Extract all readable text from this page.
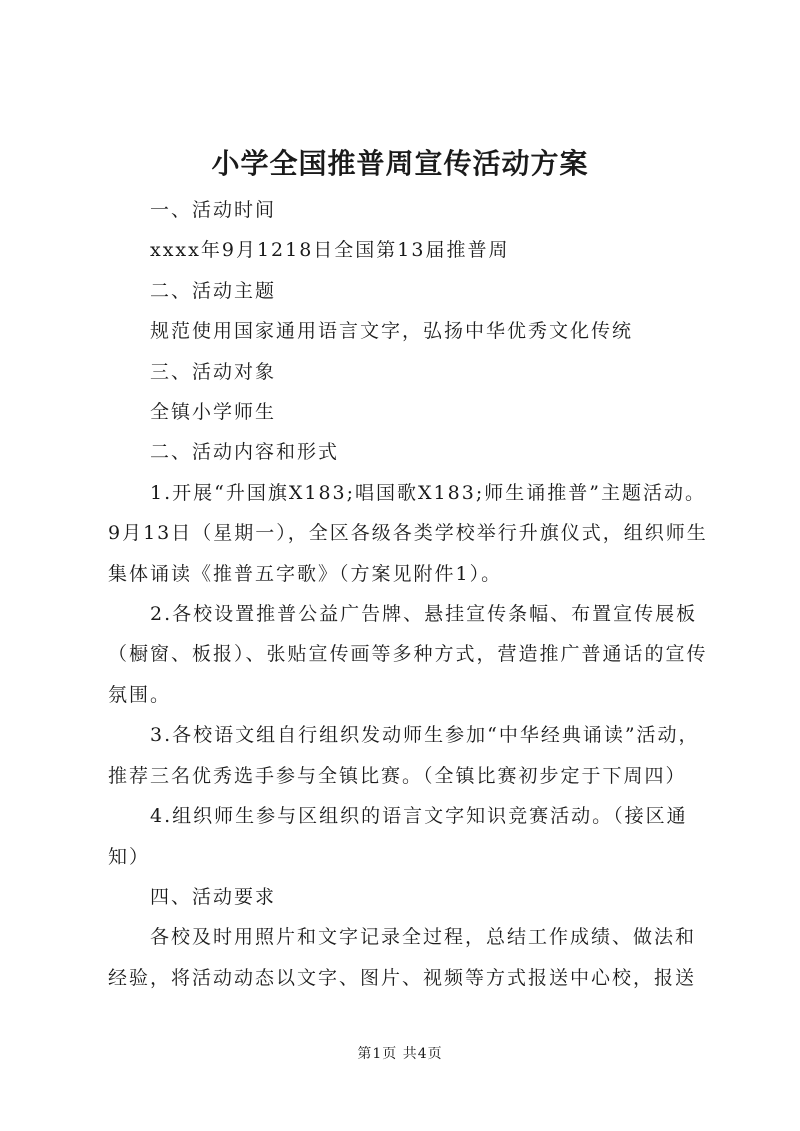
小学全国推普周宣传活动方案

一、活动时间

xxxx年9月1218日全国第13届推普周

二、活动主题

规范使用国家通用语言文字，弘扬中华优秀文化传统

三、活动对象

全镇小学师生

二、活动内容和形式

1.开展“升国旗X183;唱国歌X183;师生诵推普”主题活动。9月13日（星期一），全区各级各类学校举行升旗仪式，组织师生集体诵读《推普五字歌》（方案见附件1）。

2.各校设置推普公益广告牌、悬挂宣传条幅、布置宣传展板（橱窗、板报）、张贴宣传画等多种方式，营造推广普通话的宣传氛围。

3.各校语文组自行组织发动师生参加“中华经典诵读”活动，推荐三名优秀选手参与全镇比赛。（全镇比赛初步定于下周四）

4.组织师生参与区组织的语言文字知识竞赛活动。（接区通知）

四、活动要求

各校及时用照片和文字记录全过程，总结工作成绩、做法和经验，将活动动态以文字、图片、视频等方式报送中心校，报送

第1页 共4页
